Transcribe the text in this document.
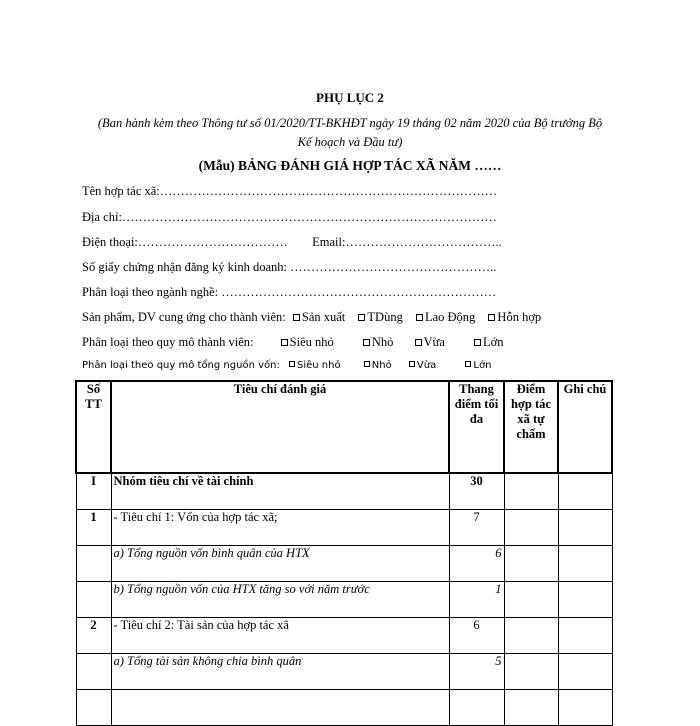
PHỤ LỤC 2
(Ban hành kèm theo Thông tư số 01/2020/TT-BKHĐT ngày 19 tháng 02 năm 2020 của Bộ trưởng Bộ Kế hoạch và Đầu tư)
(Mẫu) BẢNG ĐÁNH GIÁ HỢP TÁC XÃ NĂM ……
Tên hợp tác xã:………………………………………………………………………
Địa chỉ:………………………………………………………………………………
Điện thoại:……………………………… Email:………………………………..
Số giấy chứng nhận đăng ký kinh doanh: …………………………………………..
Phân loại theo ngành nghề: …………………………………………………………
Sản phẩm, DV cung ứng cho thành viên: Sản xuất TDùng Lao Động Hỗn hợp
Phân loại theo quy mô thành viên:	Siêu nhỏ	Nhỏ Vừa	Lớn
Phân loại theo quy mô tổng nguồn vốn: Siêu nhỏ	Nhỏ	Vừa	Lớn
Số TT	Tiêu chí đánh giá	Thang điểm tối đa	Điểm hợp tác xã tự chấm	Ghi chú
I	Nhóm tiêu chí về tài chính	30		
1	- Tiêu chí 1: Vốn của hợp tác xã;	7		
	a) Tổng nguồn vốn bình quân của HTX	6		
	b) Tổng nguồn vốn của HTX tăng so với năm trước	1		
2	- Tiêu chí 2: Tài sản của hợp tác xã	6		
	a) Tổng tài sản không chia bình quân	5		
